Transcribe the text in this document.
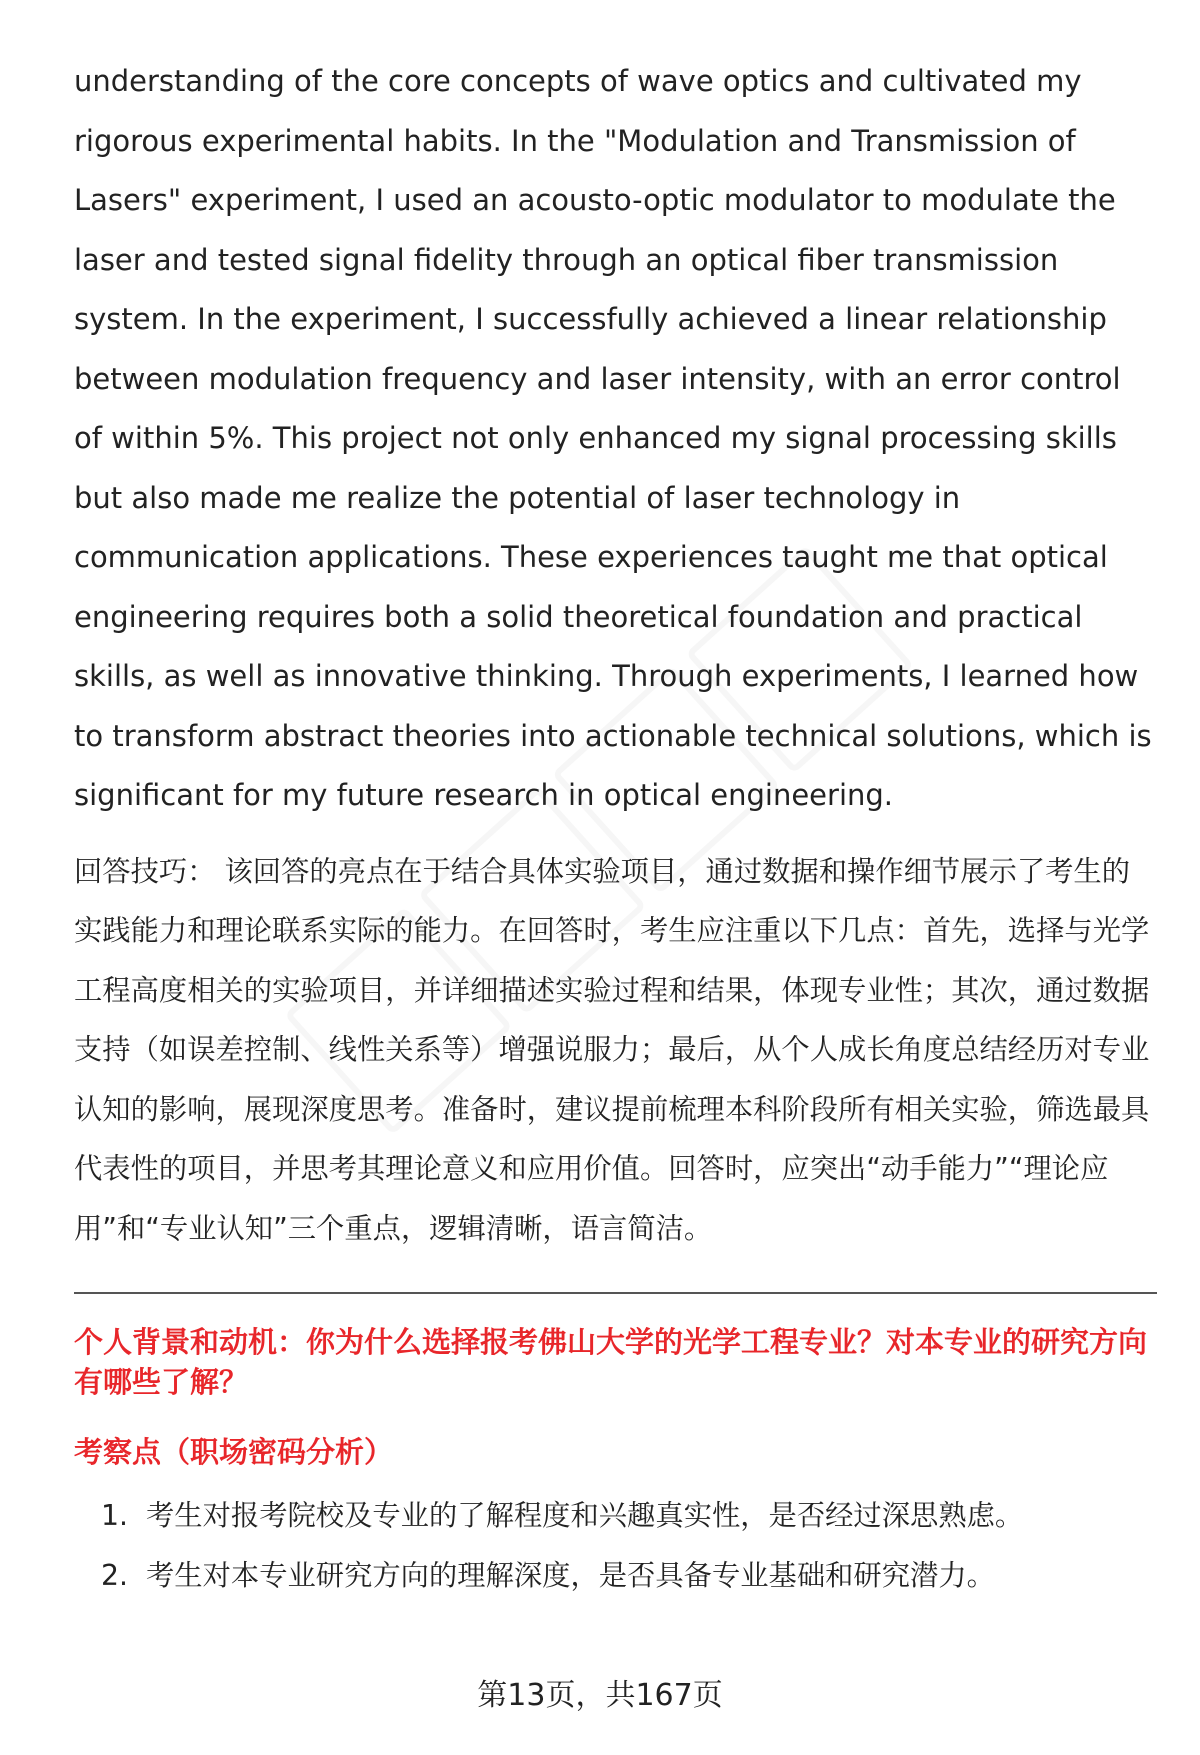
understanding of the core concepts of wave optics and cultivated my rigorous experimental habits. In the "Modulation and Transmission of Lasers" experiment, I used an acousto-optic modulator to modulate the laser and tested signal fidelity through an optical fiber transmission system. In the experiment, I successfully achieved a linear relationship between modulation frequency and laser intensity, with an error control of within 5%. This project not only enhanced my signal processing skills but also made me realize the potential of laser technology in communication applications. These experiences taught me that optical engineering requires both a solid theoretical foundation and practical skills, as well as innovative thinking. Through experiments, I learned how to transform abstract theories into actionable technical solutions, which is significant for my future research in optical engineering.

回答技巧： 该回答的亮点在于结合具体实验项目，通过数据和操作细节展示了考生的实践能力和理论联系实际的能力。在回答时，考生应注重以下几点：首先，选择与光学工程高度相关的实验项目，并详细描述实验过程和结果，体现专业性；其次，通过数据支持（如误差控制、线性关系等）增强说服力；最后，从个人成长角度总结经历对专业认知的影响，展现深度思考。准备时，建议提前梳理本科阶段所有相关实验，筛选最具代表性的项目，并思考其理论意义和应用价值。回答时，应突出“动手能力”“理论应用”和“专业认知”三个重点，逻辑清晰，语言简洁。

个人背景和动机：你为什么选择报考佛山大学的光学工程专业？对本专业的研究方向有哪些了解？
考察点（职场密码分析）
1. 考生对报考院校及专业的了解程度和兴趣真实性，是否经过深思熟虑。
2. 考生对本专业研究方向的理解深度，是否具备专业基础和研究潜力。
第13页，共167页
